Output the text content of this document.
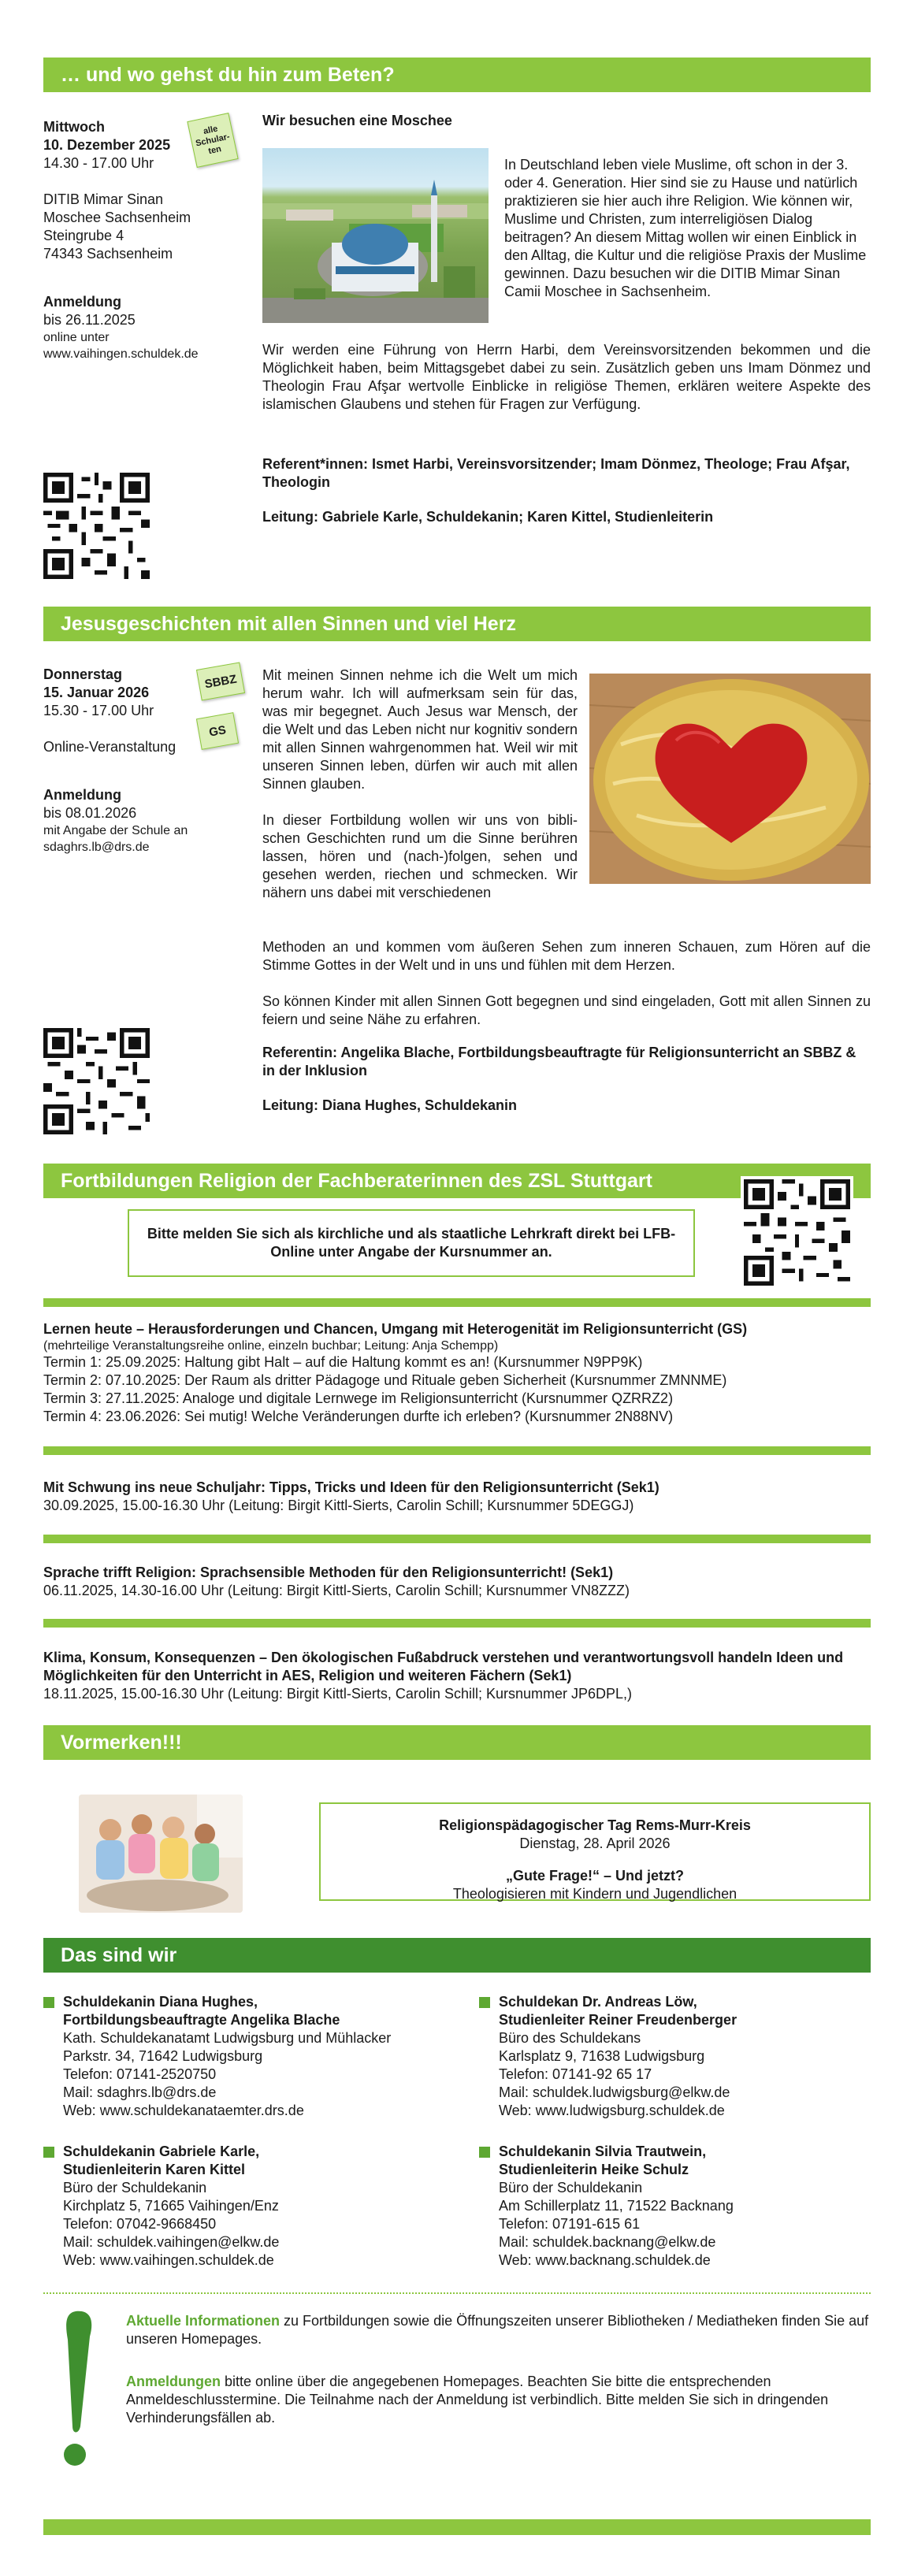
… und wo gehst du hin zum Beten?
Mittwoch
10. Dezember 2025
14.30 - 17.00 Uhr
DITIB Mimar Sinan
Moschee Sachsenheim
Steingrube 4
74343 Sachsenheim
Anmeldung
bis 26.11.2025
online unter
www.vaihingen.schuldek.de
alle
Schular-
ten
Wir besuchen eine Moschee
In Deutschland leben viele Muslime, oft schon in der 3. oder 4. Generation. Hier sind sie zu Hause und natürlich praktizieren sie hier auch ihre Religion. Wie können wir, Muslime und Christen, zum interreligiösen Dialog beitragen? An diesem Mittag wollen wir einen Einblick in den Alltag, die Kultur und die religiöse Praxis der Muslime gewinnen. Dazu besuchen wir die DITIB Mimar Sinan Camii Moschee in Sachsenheim.
Wir werden eine Führung von Herrn Harbi, dem Vereinsvorsitzenden bekommen und die Möglichkeit haben, beim Mittagsgebet dabei zu sein. Zusätzlich geben uns Imam Dönmez und Theologin Frau Afşar wertvolle Einblicke in religiöse Themen, erklären weitere Aspekte des islamischen Glaubens und stehen für Fragen zur Verfügung.
Referent*innen: Ismet Harbi, Vereinsvorsitzender; Imam Dönmez, Theologe; Frau Afşar, Theologin
Leitung: Gabriele Karle, Schuldekanin; Karen Kittel, Studienleiterin
Jesusgeschichten mit allen Sinnen und viel Herz
Donnerstag
15. Januar 2026
15.30 - 17.00 Uhr
Online-Veranstaltung
Anmeldung
bis 08.01.2026
mit Angabe der Schule an
sdaghrs.lb@drs.de
SBBZ
GS
Mit meinen Sinnen nehme ich die Welt um mich herum wahr. Ich will aufmerksam sein für das, was mir begegnet. Auch Jesus war Mensch, der die Welt und das Leben nicht nur kognitiv sondern mit allen Sinnen wahrgenommen hat. Weil wir mit unseren Sinnen leben, dürfen wir auch mit allen Sinnen glauben.
In dieser Fortbildung wollen wir uns von biblischen Geschichten rund um die Sinne berühren lassen, hören und (nach-)folgen, sehen und gesehen werden, riechen und schmecken. Wir nähern uns dabei mit verschiedenen
Methoden an und kommen vom äußeren Sehen zum inneren Schauen, zum Hören auf die Stimme Gottes in der Welt und in uns und fühlen mit dem Herzen.
So können Kinder mit allen Sinnen Gott begegnen und sind eingeladen, Gott mit allen Sinnen zu feiern und seine Nähe zu erfahren.
Referentin: Angelika Blache, Fortbildungsbeauftragte für Religionsunterricht an SBBZ & in der Inklusion
Leitung: Diana Hughes, Schuldekanin
Fortbildungen Religion der Fachberaterinnen des ZSL Stuttgart
Bitte melden Sie sich als kirchliche und als staatliche Lehrkraft direkt bei LFB-Online unter Angabe der Kursnummer an.
Lernen heute – Herausforderungen und Chancen, Umgang mit Heterogenität im Religionsunterricht (GS)
(mehrteilige Veranstaltungsreihe online, einzeln buchbar; Leitung: Anja Schempp)
Termin 1: 25.09.2025: Haltung gibt Halt – auf die Haltung kommt es an! (Kursnummer N9PP9K)
Termin 2: 07.10.2025: Der Raum als dritter Pädagoge und Rituale geben Sicherheit (Kursnummer ZMNNME)
Termin 3: 27.11.2025: Analoge und digitale Lernwege im Religionsunterricht (Kursnummer QZRRZ2)
Termin 4: 23.06.2026: Sei mutig! Welche Veränderungen durfte ich erleben? (Kursnummer 2N88NV)
Mit Schwung ins neue Schuljahr: Tipps, Tricks und Ideen für den Religionsunterricht (Sek1)
30.09.2025, 15.00-16.30 Uhr (Leitung: Birgit Kittl-Sierts, Carolin Schill; Kursnummer 5DEGGJ)
Sprache trifft Religion: Sprachsensible Methoden für den Religionsunterricht! (Sek1)
06.11.2025, 14.30-16.00 Uhr (Leitung: Birgit Kittl-Sierts, Carolin Schill; Kursnummer VN8ZZZ)
Klima, Konsum, Konsequenzen – Den ökologischen Fußabdruck verstehen und verantwortungsvoll handeln Ideen und Möglichkeiten für den Unterricht in AES, Religion und weiteren Fächern (Sek1)
18.11.2025, 15.00-16.30 Uhr (Leitung: Birgit Kittl-Sierts, Carolin Schill; Kursnummer JP6DPL,)
Vormerken!!!
Religionspädagogischer Tag Rems-Murr-Kreis
Dienstag, 28. April 2026
„Gute Frage!“ – Und jetzt?
Theologisieren mit Kindern und Jugendlichen
Das sind wir
Schuldekanin Diana Hughes,
Fortbildungsbeauftragte Angelika Blache
Kath. Schuldekanatamt Ludwigsburg und Mühlacker
Parkstr. 34, 71642 Ludwigsburg
Telefon: 07141-2520750
Mail: sdaghrs.lb@drs.de
Web: www.schuldekanataemter.drs.de
Schuldekan Dr. Andreas Löw,
Studienleiter Reiner Freudenberger
Büro des Schuldekans
Karlsplatz 9, 71638 Ludwigsburg
Telefon: 07141-92 65 17
Mail: schuldek.ludwigsburg@elkw.de
Web: www.ludwigsburg.schuldek.de
Schuldekanin Gabriele Karle,
Studienleiterin Karen Kittel
Büro der Schuldekanin
Kirchplatz 5, 71665 Vaihingen/Enz
Telefon: 07042-9668450
Mail: schuldek.vaihingen@elkw.de
Web: www.vaihingen.schuldek.de
Schuldekanin Silvia Trautwein,
Studienleiterin Heike Schulz
Büro der Schuldekanin
Am Schillerplatz 11, 71522 Backnang
Telefon: 07191-615 61
Mail: schuldek.backnang@elkw.de
Web: www.backnang.schuldek.de
Aktuelle Informationen zu Fortbildungen sowie die Öffnungszeiten unserer Bibliotheken / Mediatheken finden Sie auf unseren Homepages.
Anmeldungen bitte online über die angegebenen Homepages. Beachten Sie bitte die entsprechenden Anmeldeschlusstermine. Die Teilnahme nach der Anmeldung ist verbindlich. Bitte melden Sie sich in dringenden Verhinderungsfällen ab.
